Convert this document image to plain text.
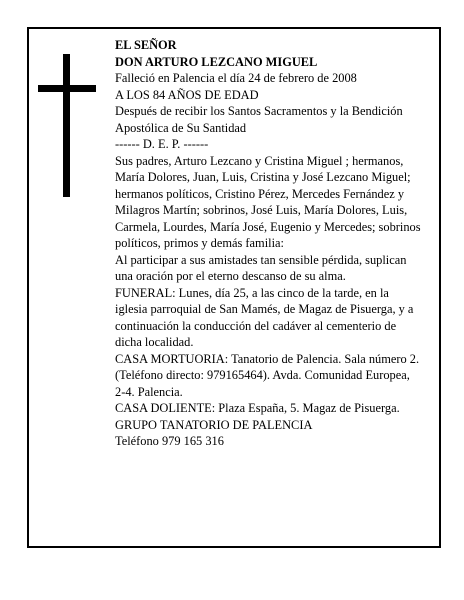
EL SEÑOR

DON ARTURO LEZCANO MIGUEL

Falleció en Palencia el día 24 de febrero de 2008

A LOS 84 AÑOS DE EDAD

Después de recibir los Santos Sacramentos y la Bendición Apostólica de Su Santidad

------ D. E. P. ------

Sus padres, Arturo Lezcano y Cristina Miguel ; hermanos, María Dolores, Juan, Luis, Cristina y José Lezcano Miguel; hermanos políticos, Cristino Pérez, Mercedes Fernández y Milagros Martín; sobrinos, José Luis, María Dolores, Luis, Carmela, Lourdes, María José, Eugenio y Mercedes; sobrinos políticos, primos y demás familia:

Al participar a sus amistades tan sensible pérdida, suplican una oración por el eterno descanso de su alma.

FUNERAL: Lunes, día 25, a las cinco de la tarde, en la iglesia parroquial de San Mamés, de Magaz de Pisuerga, y a continuación la conducción del cadáver al cementerio de dicha localidad.

CASA MORTUORIA: Tanatorio de Palencia. Sala número 2. (Teléfono directo: 979165464). Avda. Comunidad Europea, 2-4. Palencia.

CASA DOLIENTE: Plaza España, 5. Magaz de Pisuerga.

GRUPO TANATORIO DE PALENCIA

Teléfono 979 165 316
